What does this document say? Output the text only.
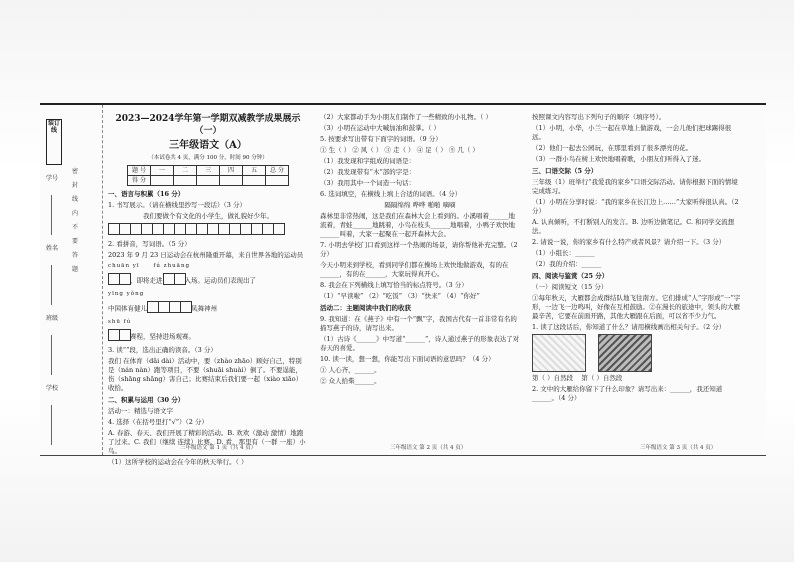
装订线
学号
姓名
班级
学校
密封线内不要答题

2023—2024学年第一学期双减教学成果展示（一）

三年级语文（A）

（本试卷共 4 页，满分 100 分，时间 90 分钟）

题 号	一	二	三	四	五	总 分
得 分						

一、语言与积累（16 分）

1. 书写展示。（请在横线里抄写一段话）（3 分）

我们要做个有文化的小学生，做礼貌好少年。

2. 看拼音，写词语。（5 分）

2023 年 9 月 23 日运动会在杭州隆重开幕，来自世界各地的运动员

chuān yī	fú zhuāng

，即将走进	入场。运动员们表现出了

yīng yǒng

中国体育健儿	凤舞神州

shū fú

赛程，坚持进场观赛。

3. 读“”段，选出正确的读音。（3 分）

我们 在体育（dǎi dài）活动中，要（zhào zhāo）顾好自己，特别是（nán nàn）跑等项目，不要（shuāi shuài）倒了。不要逞能，伤（shāng shāng）害自己；比赛结束后我们要一起（xiào xiāo）收拾。

二、积累与运用（30 分）

活动一：精选与语文字

4. 选择（在括号里打“√”）（2 分）

A. 春游、春天、我们开展了精彩的活动。B. 欢欢（激动 激情）地跑了过来。C. 我们（继续 连续）比赛。D. 看，那里有（一群 一座）小鸟。

（1）这所学校的运动会在今年的秋天举行。（ ）

三年级语文 第 1 页（共 4 页）

（2）大家都动手为小朋友们制作了一些精致的小礼物。（ ）

（3）小明在运动中大喊加油和鼓掌。（ ）

5. 按要求写出带有下面字的词语。（9 分）

① 生（ ） ② 风（ ） ③ 走（ ） ④ 足（ ） ⑤ 几（ ）

（1）我发现和字组成的词语是：

（2）我发现带有“木”部的字是：

（3）我用其中一个词造一句话：

6. 选词填空，在横线上填上合适的词语。（4 分）

隔隔绵绵 哗哗 啪啪 嘀嘀

森林里非常热闹，这是我们在森林大会上看到的。小溪唱着______地流着，青蛙______地跳着，小鸟在枝头______地唱着，小鸭子欢快地______叫着，大家一起聚在一起开森林大会。

7. 小明去学校门口看到这样一个热闹的场景，请你帮他补充完整。（2 分）

今天小明来到学校，看到同学们都在操场上欢快地做游戏，有的在______，有的在______，大家玩得真开心。

8. 我会在下列横线上填写恰当的标点符号。（3 分）

（1）“早读啦” （2）“吃饭” （3）“快来” （4）“你好”

活动二：主题阅读中我们的收获

9. 我知道：在《燕子》中有一个“飘”字，我国古代有一首非常有名的描写燕子的诗，请写出来。

（1）古诗《______》中写道“______”，诗人通过燕子的形象表达了对春天的喜爱。

10. 读一读，想一想，你能写出下面词语的意思吗？（4 分）

① 人心齐，______。

② 众人拾柴______。

三年级语文 第 2 页（共 4 页）

按照课文内容写出下列句子的顺序（填序号）。

（1）小明，小华，小兰一起在草地上做游戏，一会儿他们把球踢得很远。

（2）他们一起去公园玩，在那里看到了很多漂亮的花。

（3）一群小鸟在树上欢快地唱着歌，小朋友们听得入了迷。

三、口语交际（5 分）

三年级（1）班举行“我爱我的家乡”口语交际活动。请你根据下面的情境完成练习。

（1）小明在分享时说：“我的家乡在长江边上……”大家听得很认真。（2 分）

A. 认真倾听，不打断别人的发言。B. 边听边做笔记。C. 和同学交流想法。

2. 请说一说，你的家乡有什么特产或者风景？请介绍一下。（3 分）

（1）小组长：______

（2）我的介绍：______

四、阅读与鉴赏（25 分）

（一）阅读短文（15 分）

①每年秋天，大雁都会成群结队地飞往南方。它们排成“人”字形或“一”字形，一边飞一边鸣叫，好像在互相鼓励。②在漫长的旅途中，领头的大雁最辛苦，它要在前面开路，其他大雁跟在后面，可以省不少力气。

1. 读了这段话后，你知道了什么？请用横线画出相关句子。（2 分）

第（ ）自然段 第（ ）自然段

2. 文中的大雁给你留下了什么印象？请写出来：______，我还知道______。（4 分）

三年级语文 第 3 页（共 4 页）
